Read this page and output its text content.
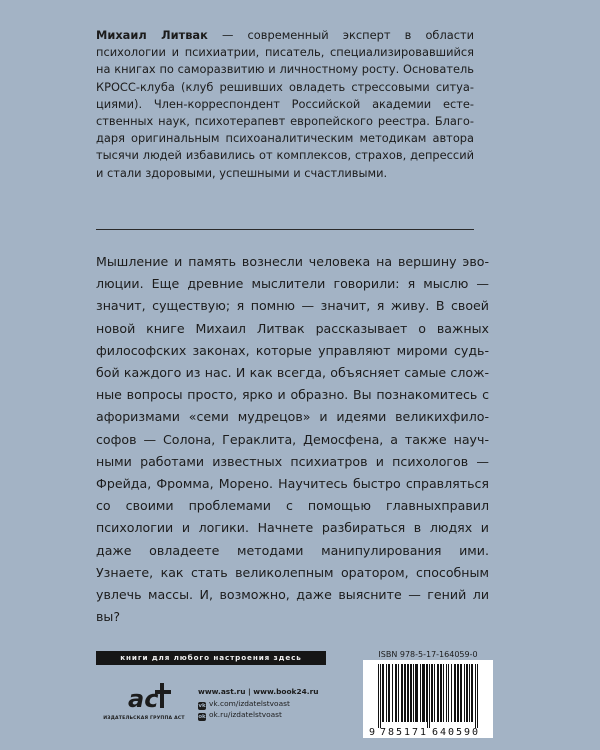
Михаил Литвак — современный эксперт в области психологии и психиатрии, писатель, специализировавшийся на книгах по саморазвитию и личностному росту. Основатель КРОСС-клуба (клуб решивших овладеть стрессовыми ситуациями). Член-корреспондент Российской академии естественных наук, психотерапевт европейского реестра. Благодаря оригинальным психоаналитическим методикам автора тысячи людей избавились от комплексов, страхов, депрессий и стали здоровыми, успешными и счастливыми.
Мышление и память вознесли человека на вершину эволюции. Еще древние мыслители говорили: я мыслю — значит, существую; я помню — значит, я живу. В своей новой книге Михаил Литвак рассказывает о важных философских законах, которые управляют мироми судьбой каждого из нас. И как всегда, объясняет самые сложные вопросы просто, ярко и образно. Вы познакомитесь с афоризмами «семи мудрецов» и идеями великихфилософов — Солона, Гераклита, Демосфена, а также научными работами известных психиатров и психологов — Фрейда, Фромма, Морено. Научитесь быстро справляться со своими проблемами с помощью главныхправил психологии и логики. Начнете разбираться в людях и даже овладеете методами манипулирования ими. Узнаете, как стать великолепным оратором, способным увлечь массы. И, возможно, даже выясните — гений ли вы?
книги для любого настроения здесь
ас
ИЗДАТЕЛЬСКАЯ ГРУППА АСТ
www.ast.ru | www.book24.ru
vk vk.com/izdatelstvoast
ok ok.ru/izdatelstvoast
ISBN 978-5-17-164059-0
9 785171 640590
